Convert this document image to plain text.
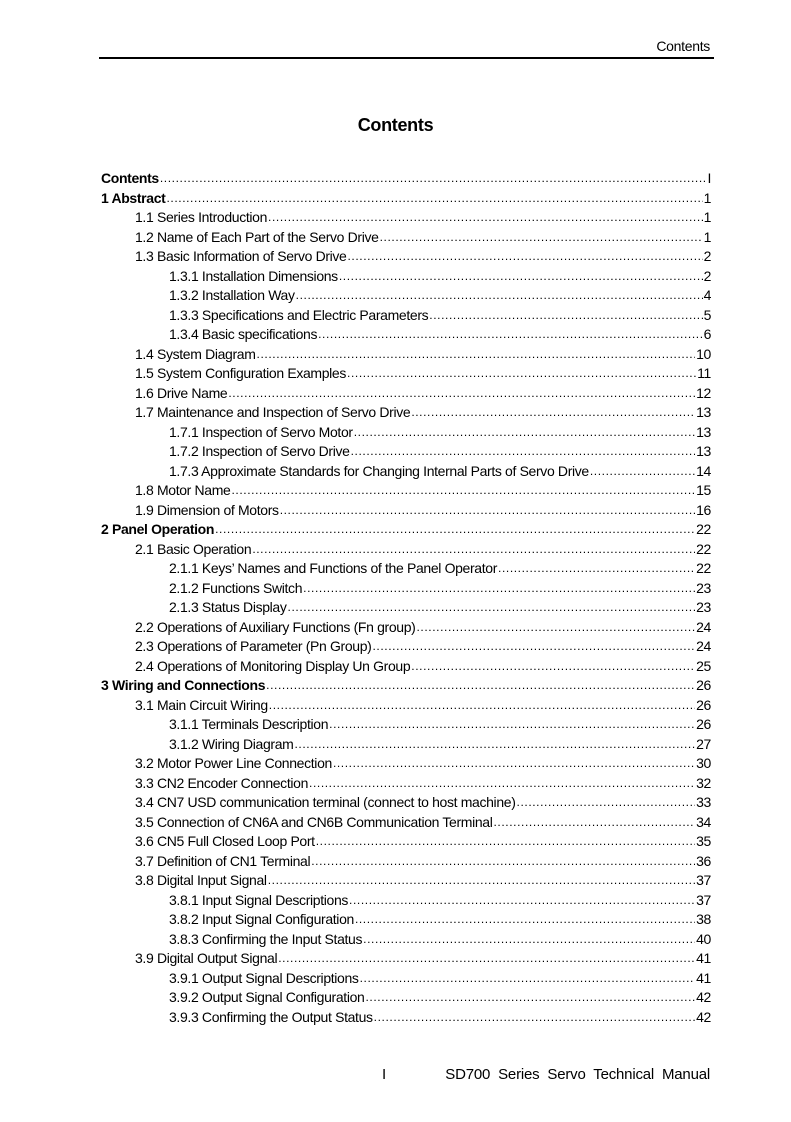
Contents
Contents
Contents .....	I
1 Abstract .....	1
1.1 Series Introduction .....	1
1.2 Name of Each Part of the Servo Drive .....	1
1.3 Basic Information of Servo Drive .....	2
1.3.1 Installation Dimensions .....	2
1.3.2 Installation Way .....	4
1.3.3 Specifications and Electric Parameters .....	5
1.3.4 Basic specifications .....	6
1.4 System Diagram .....	10
1.5 System Configuration Examples .....	11
1.6 Drive Name .....	12
1.7 Maintenance and Inspection of Servo Drive .....	13
1.7.1 Inspection of Servo Motor .....	13
1.7.2 Inspection of Servo Drive .....	13
1.7.3 Approximate Standards for Changing Internal Parts of Servo Drive .....	14
1.8 Motor Name .....	15
1.9 Dimension of Motors .....	16
2 Panel Operation .....	22
2.1 Basic Operation .....	22
2.1.1 Keys’ Names and Functions of the Panel Operator .....	22
2.1.2 Functions Switch .....	23
2.1.3 Status Display .....	23
2.2 Operations of Auxiliary Functions (Fn group) .....	24
2.3 Operations of Parameter (Pn Group) .....	24
2.4 Operations of Monitoring Display Un Group .....	25
3 Wiring and Connections .....	26
3.1 Main Circuit Wiring .....	26
3.1.1 Terminals Description .....	26
3.1.2 Wiring Diagram .....	27
3.2 Motor Power Line Connection .....	30
3.3 CN2 Encoder Connection .....	32
3.4 CN7 USD communication terminal (connect to host machine) .....	33
3.5 Connection of CN6A and CN6B Communication Terminal .....	34
3.6 CN5 Full Closed Loop Port .....	35
3.7 Definition of CN1 Terminal .....	36
3.8 Digital Input Signal .....	37
3.8.1 Input Signal Descriptions .....	37
3.8.2 Input Signal Configuration .....	38
3.8.3 Confirming the Input Status .....	40
3.9 Digital Output Signal .....	41
3.9.1 Output Signal Descriptions .....	41
3.9.2 Output Signal Configuration .....	42
3.9.3 Confirming the Output Status .....	42
I	SD700 Series Servo Technical Manual
